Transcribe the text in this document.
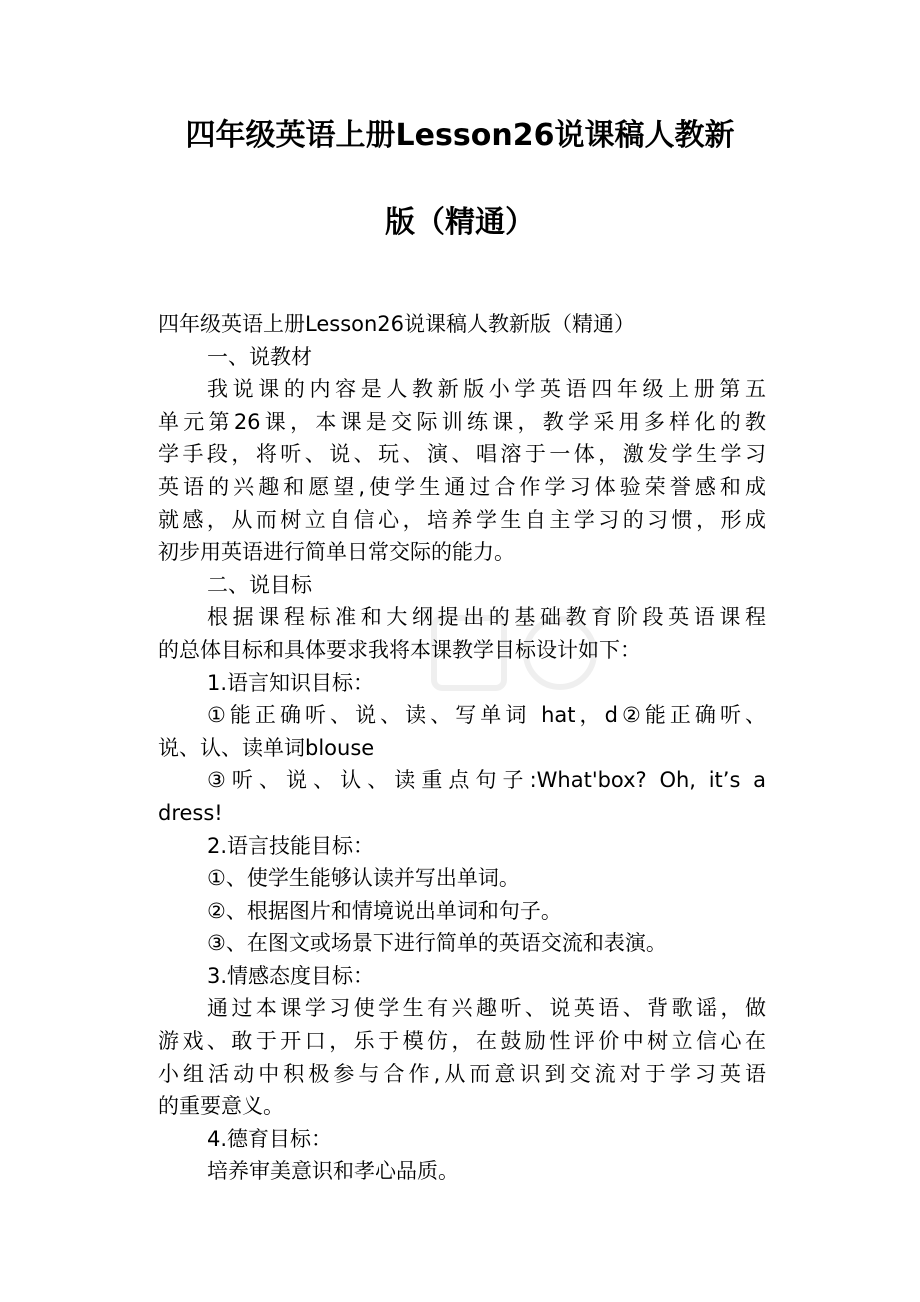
四年级英语上册Lesson26说课稿人教新
版（精通）
四年级英语上册Lesson26说课稿人教新版（精通）
一、说教材
我说课的内容是人教新版小学英语四年级上册第五
单元第26课，本课是交际训练课，教学采用多样化的教
学手段，将听、说、玩、演、唱溶于一体，激发学生学习
英语的兴趣和愿望,使学生通过合作学习体验荣誉感和成
就感，从而树立自信心，培养学生自主学习的习惯，形成
初步用英语进行简单日常交际的能力。
二、说目标
根据课程标准和大纲提出的基础教育阶段英语课程
的总体目标和具体要求我将本课教学目标设计如下：
1.语言知识目标：
①能正确听、说、读、写单词 hat，d②能正确听、
说、认、读单词blouse
③听、说、认、读重点句子:What'box? Oh, it’s a
dress!
2.语言技能目标：
①、使学生能够认读并写出单词。
②、根据图片和情境说出单词和句子。
③、在图文或场景下进行简单的英语交流和表演。
3.情感态度目标：
通过本课学习使学生有兴趣听、说英语、背歌谣，做
游戏、敢于开口，乐于模仿，在鼓励性评价中树立信心在
小组活动中积极参与合作,从而意识到交流对于学习英语
的重要意义。
4.德育目标：
培养审美意识和孝心品质。
